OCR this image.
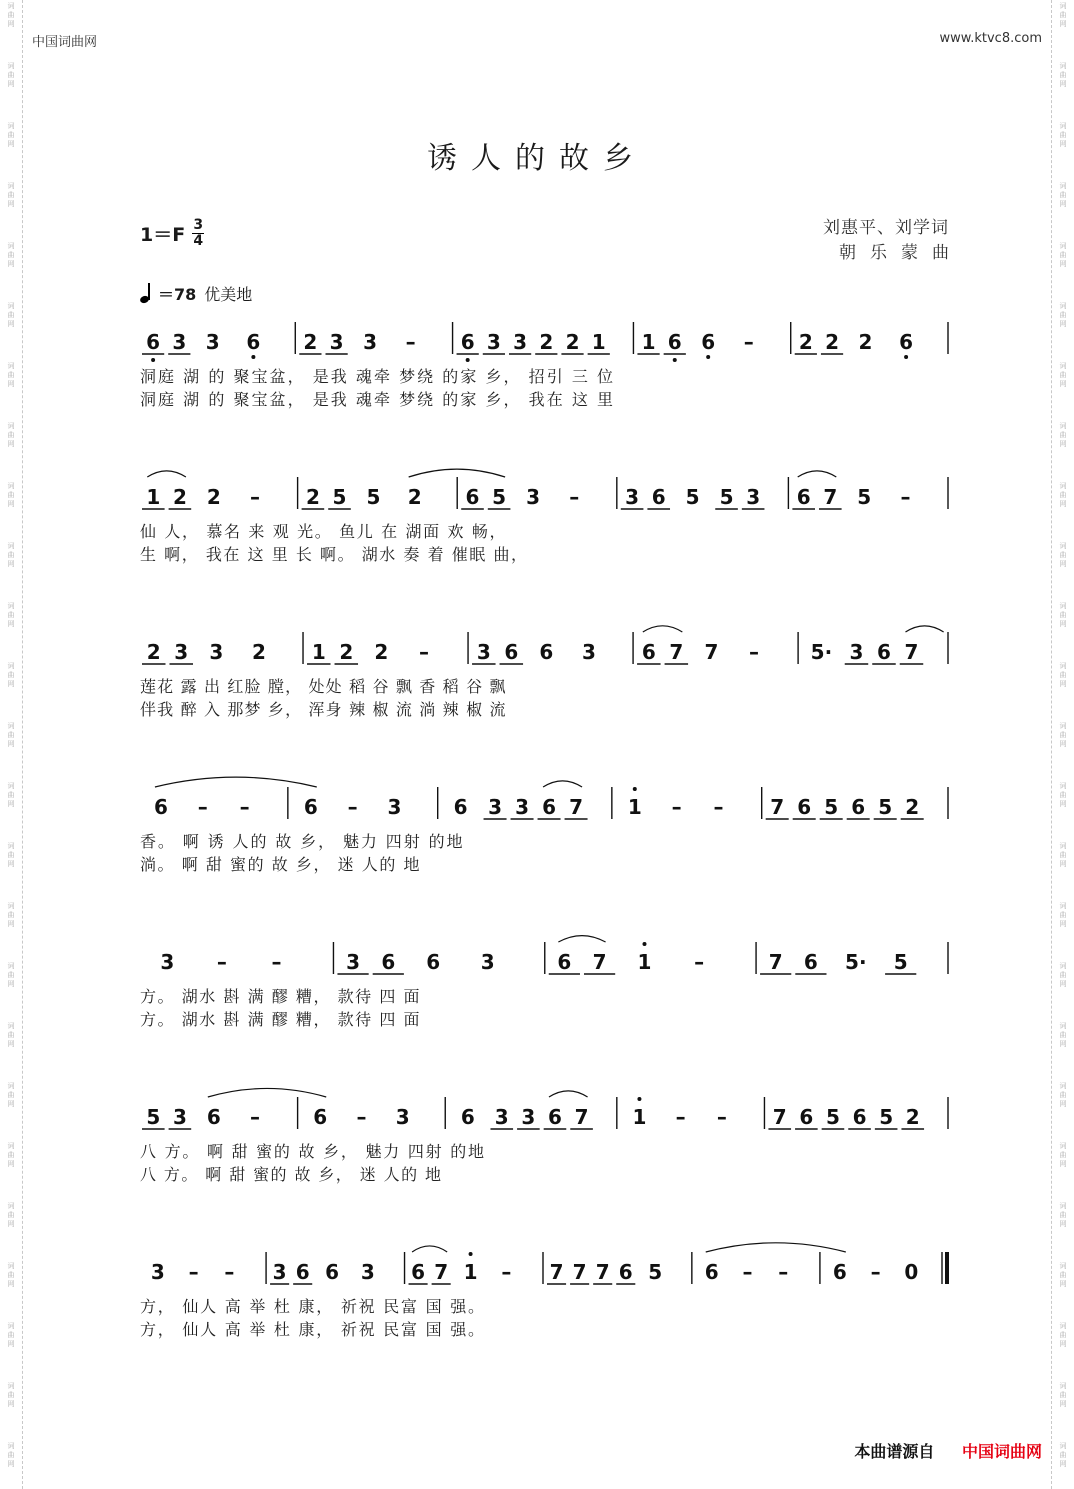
词
曲
网
词
曲
网
词
曲
网
词
曲
网
词
曲
网
词
曲
网
词
曲
网
词
曲
网
词
曲
网
词
曲
网
词
曲
网
词
曲
网
词
曲
网
词
曲
网
词
曲
网
词
曲
网
词
曲
网
词
曲
网
词
曲
网
词
曲
网
词
曲
网
词
曲
网
词
曲
网
词
曲
网
词
曲
网
词
曲
网
词
曲
网
词
曲
网
词
曲
网
词
曲
网
词
曲
网
词
曲
网
词
曲
网
词
曲
网
词
曲
网
词
曲
网
词
曲
网
词
曲
网
词
曲
网
词
曲
网
词
曲
网
词
曲
网
词
曲
网
词
曲
网
词
曲
网
词
曲
网
词
曲
网
词
曲
网
词
曲
网
词
曲
网
中国词曲网	www.ktvc8.com
诱人的故乡
$1=F \frac{3}{4}$	刘惠平、刘学词
朝乐蒙曲
＝78 优美地
6 3 3 6 2 3 3 – 6 3 3 2 2 1 1 6 6 – 2 2 2 6
洞庭 湖 的 聚宝盆， 是我 魂牵 梦绕 的家 乡， 招引 三 位
洞庭 湖 的 聚宝盆， 是我 魂牵 梦绕 的家 乡， 我在 这 里
1 2 2 – 2 5 5 2 6 5 3 – 3 6 5 5 3 6 7 5 –
仙 人， 慕名 来 观 光。 鱼儿 在 湖面 欢 畅，
生 啊， 我在 这 里 长 啊。 湖水 奏 着 催眠 曲，
2 3 3 2 1 2 2 – 3 6 6 3 6 7 7 –	5· 3 6 7
莲花 露 出 红脸 膛， 处处 稻 谷 飘 香 稻 谷 飘
伴我 醉 入 那梦 乡， 浑身 辣 椒 流 淌 辣 椒 流
6 – –	6 – 3	6 3 3 6 7 1 – – 7 6 5 6 5 2
香。 啊 诱 人的 故 乡， 魅力 四射 的地
淌。 啊 甜 蜜的 故 乡， 迷 人的 地
3 – –	3 6 6 3	6 7 1 –	7 6 5· 5
方。 湖水 斟 满 醪 糟， 款待 四 面
方。 湖水 斟 满 醪 糟， 款待 四 面
5 3 6 –	6 – 3	6 3 3 6 7 1 – – 7 6 5 6 5 2
八 方。 啊 甜 蜜的 故 乡， 魅力 四射 的地
八 方。 啊 甜 蜜的 故 乡， 迷 人的 地
3 – – 3 6 6 3 6 7 1 – 7 7 7 6 5 6 – – 6 – 0
方， 仙人 高 举 杜 康， 祈祝 民富 国 强。
方， 仙人 高 举 杜 康， 祈祝 民富 国 强。
本曲谱源自 中国词曲网
